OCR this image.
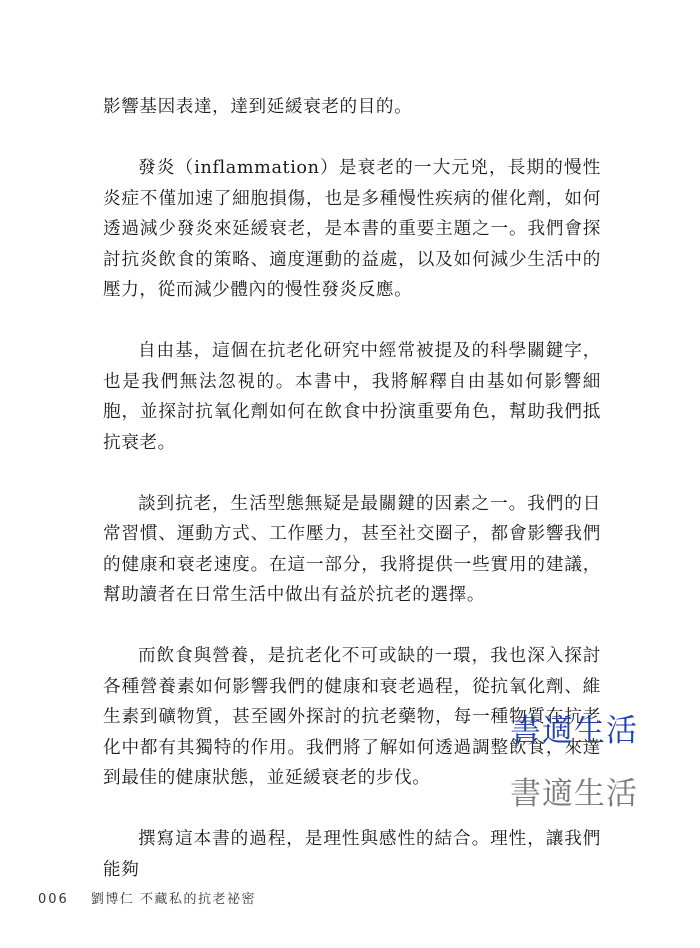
影響基因表達，達到延緩衰老的目的。

發炎（inflammation）是衰老的一大元兇，長期的慢性炎症不僅加速了細胞損傷，也是多種慢性疾病的催化劑，如何透過減少發炎來延緩衰老，是本書的重要主題之一。我們會探討抗炎飲食的策略、適度運動的益處，以及如何減少生活中的壓力，從而減少體內的慢性發炎反應。

自由基，這個在抗老化研究中經常被提及的科學關鍵字，也是我們無法忽視的。本書中，我將解釋自由基如何影響細胞，並探討抗氧化劑如何在飲食中扮演重要角色，幫助我們抵抗衰老。

談到抗老，生活型態無疑是最關鍵的因素之一。我們的日常習慣、運動方式、工作壓力，甚至社交圈子，都會影響我們的健康和衰老速度。在這一部分，我將提供一些實用的建議，幫助讀者在日常生活中做出有益於抗老的選擇。

而飲食與營養，是抗老化不可或缺的一環，我也深入探討各種營養素如何影響我們的健康和衰老過程，從抗氧化劑、維生素到礦物質，甚至國外探討的抗老藥物，每一種物質在抗老化中都有其獨特的作用。我們將了解如何透過調整飲食，來達到最佳的健康狀態，並延緩衰老的步伐。

撰寫這本書的過程，是理性與感性的結合。理性，讓我們能夠

書適生活
書適生活
006 劉博仁 不藏私的抗老祕密
